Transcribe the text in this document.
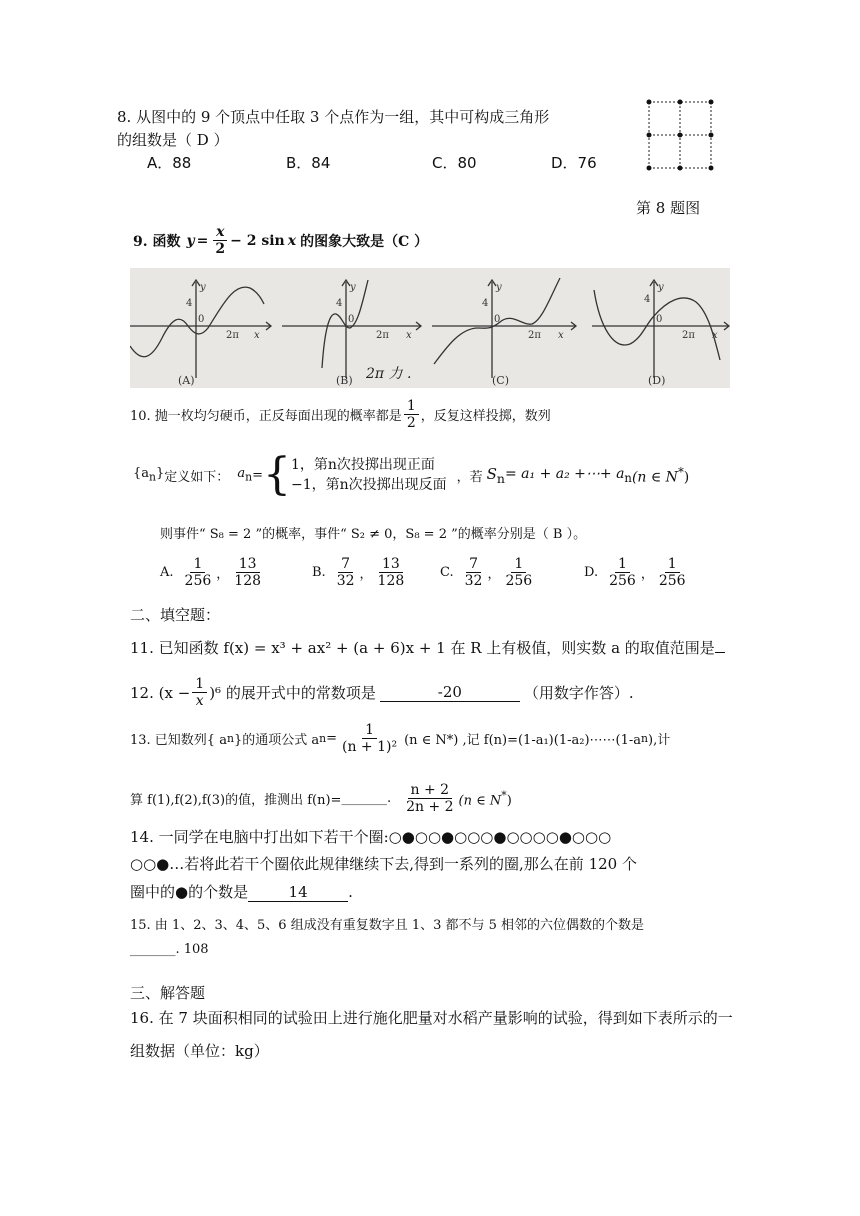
8. 从图中的 9 个顶点中任取 3 个点作为一组，其中可构成三角形
的组数是（ D ）
A．88	B．84	C．80	D．76
第 8 题图
9. 函数 $y = \frac{x}{2} - 2$ sin x 的图象大致是（C ）
y
4
0
2π x
y
4
0
2π x
y
4
0
2π x
y
4
0
2π x
(A)	(B)	(C)	(D)
2π 力 .
10. 抛一枚均匀硬币，正反每面出现的概率都是 $\frac{1}{2}$ ，反复这样投掷，数列
$\{a_n\}$ 定义如下： $a_n$ = { 1，第n次投掷出现正面
−1，第n次投掷出现反面 ，若 $S_n = a_1 + a_2$ +⋯+ $a_n$ (n ∈ N*)
则事件“ S₈ = 2 ”的概率，事件“ S₂ ≠ 0，S₈ = 2 ”的概率分别是（ B ）。
A. $\frac{1}{256}$ ， $\frac{13}{128}$	B. $\frac{7}{32}$ ， $\frac{13}{128}$	C. $\frac{7}{32}$ ， $\frac{1}{256}$	D. $\frac{1}{256}$ ， $\frac{1}{256}$
二、填空题：
11. 已知函数 f(x) = x³ + ax² + (a + 6)x + 1 在 R 上有极值，则实数 a 的取值范围是
12. $(x - \frac{1}{x} )^6$ 的展开式中的常数项是	-20	（用数字作答）.
13. 已知数列{ a n }的通项公式 a $n = \frac{1}{\text{(n + 1)²}} (n$ ∈ N*) ,记 f(n)=(1-a₁)(1-a₂)⋯⋯(1-a n ),计
算 f(1),f(2),f(3)的值，推测出 f(n)= _______ . $\frac{n + 2}{2n + 2} (n$ ∈ N*)
14. 一同学在电脑中打出如下若干个圈:○●○○●○○○●○○○○●○○○
○○●…若将此若干个圈依此规律继续下去,得到一系列的圈,那么在前 120 个
圈中的●的个数是	14	.
15. 由 1、2、3、4、5、6 组成没有重复数字且 1、3 都不与 5 相邻的六位偶数的个数是
_______. 108
三、解答题
16. 在 7 块面积相同的试验田上进行施化肥量对水稻产量影响的试验，得到如下表所示的一
组数据（单位：kg）
